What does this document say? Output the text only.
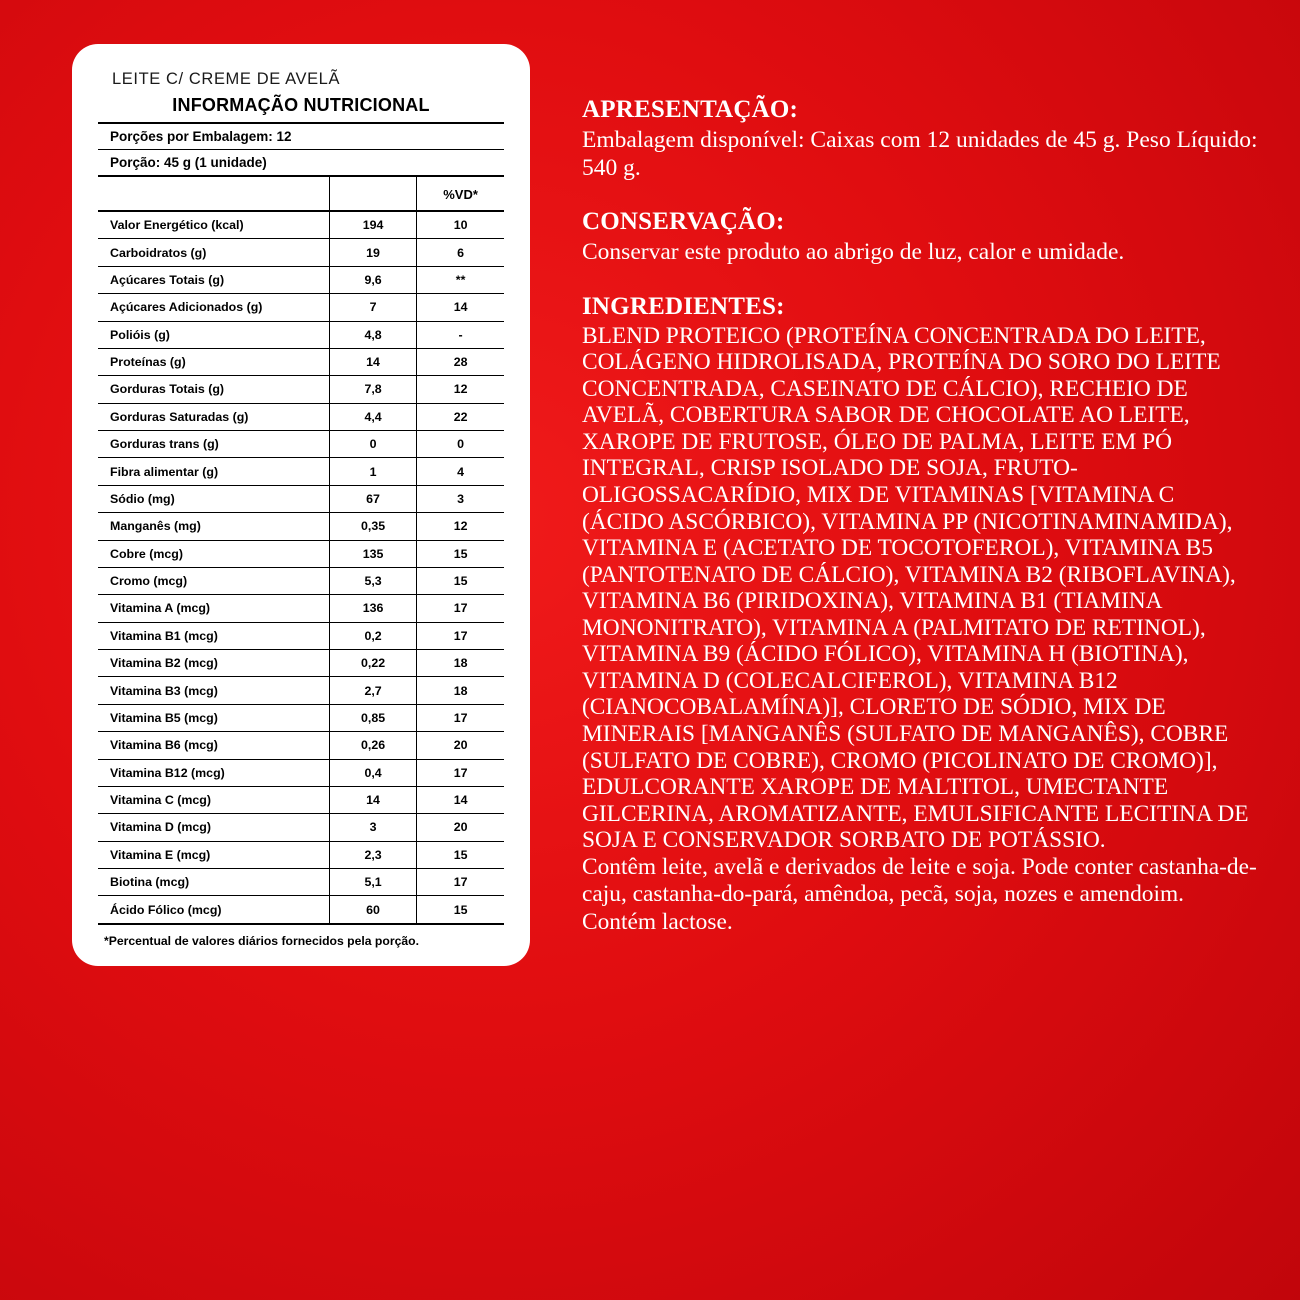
LEITE C/ CREME DE AVELÃ
INFORMAÇÃO NUTRICIONAL
Porções por Embalagem: 12
Porção: 45 g (1 unidade)
		%VD*
Valor Energético (kcal)	194	10
Carboidratos (g)	19	6
Açúcares Totais (g)	9,6	**
Açúcares Adicionados (g)	7	14
Polióis (g)	4,8	-
Proteínas (g)	14	28
Gorduras Totais (g)	7,8	12
Gorduras Saturadas (g)	4,4	22
Gorduras trans (g)	0	0
Fibra alimentar (g)	1	4
Sódio (mg)	67	3
Manganês (mg)	0,35	12
Cobre (mcg)	135	15
Cromo (mcg)	5,3	15
Vitamina A (mcg)	136	17
Vitamina B1 (mcg)	0,2	17
Vitamina B2 (mcg)	0,22	18
Vitamina B3 (mcg)	2,7	18
Vitamina B5 (mcg)	0,85	17
Vitamina B6 (mcg)	0,26	20
Vitamina B12 (mcg)	0,4	17
Vitamina C (mcg)	14	14
Vitamina D (mcg)	3	20
Vitamina E (mcg)	2,3	15
Biotina (mcg)	5,1	17
Ácido Fólico (mcg)	60	15
*Percentual de valores diários fornecidos pela porção.
APRESENTAÇÃO:

Embalagem disponível: Caixas com 12 unidades de 45 g. Peso Líquido: 540 g.

CONSERVAÇÃO:

Conservar este produto ao abrigo de luz, calor e umidade.

INGREDIENTES:

BLEND PROTEICO (PROTEÍNA CONCENTRADA DO LEITE, COLÁGENO HIDROLISADA, PROTEÍNA DO SORO DO LEITE CONCENTRADA, CASEINATO DE CÁLCIO), RECHEIO DE AVELÃ, COBERTURA SABOR DE CHOCOLATE AO LEITE, XAROPE DE FRUTOSE, ÓLEO DE PALMA, LEITE EM PÓ INTEGRAL, CRISP ISOLADO DE SOJA, FRUTO-OLIGOSSACARÍDIO, MIX DE VITAMINAS [VITAMINA C (ÁCIDO ASCÓRBICO), VITAMINA PP (NICOTINAMINAMIDA), VITAMINA E (ACETATO DE TOCOTOFEROL), VITAMINA B5 (PANTOTENATO DE CÁLCIO), VITAMINA B2 (RIBOFLAVINA), VITAMINA B6 (PIRIDOXINA), VITAMINA B1 (TIAMINA MONONITRATO), VITAMINA A (PALMITATO DE RETINOL), VITAMINA B9 (ÁCIDO FÓLICO), VITAMINA H (BIOTINA), VITAMINA D (COLECALCIFEROL), VITAMINA B12 (CIANOCOBALAMÍNA)], CLORETO DE SÓDIO, MIX DE MINERAIS [MANGANÊS (SULFATO DE MANGANÊS), COBRE (SULFATO DE COBRE), CROMO (PICOLINATO DE CROMO)], EDULCORANTE XAROPE DE MALTITOL, UMECTANTE GILCERINA, AROMATIZANTE, EMULSIFICANTE LECITINA DE SOJA E CONSERVADOR SORBATO DE POTÁSSIO.

Contêm leite, avelã e derivados de leite e soja. Pode conter castanha-de-caju, castanha-do-pará, amêndoa, pecã, soja, nozes e amendoim. Contém lactose.
